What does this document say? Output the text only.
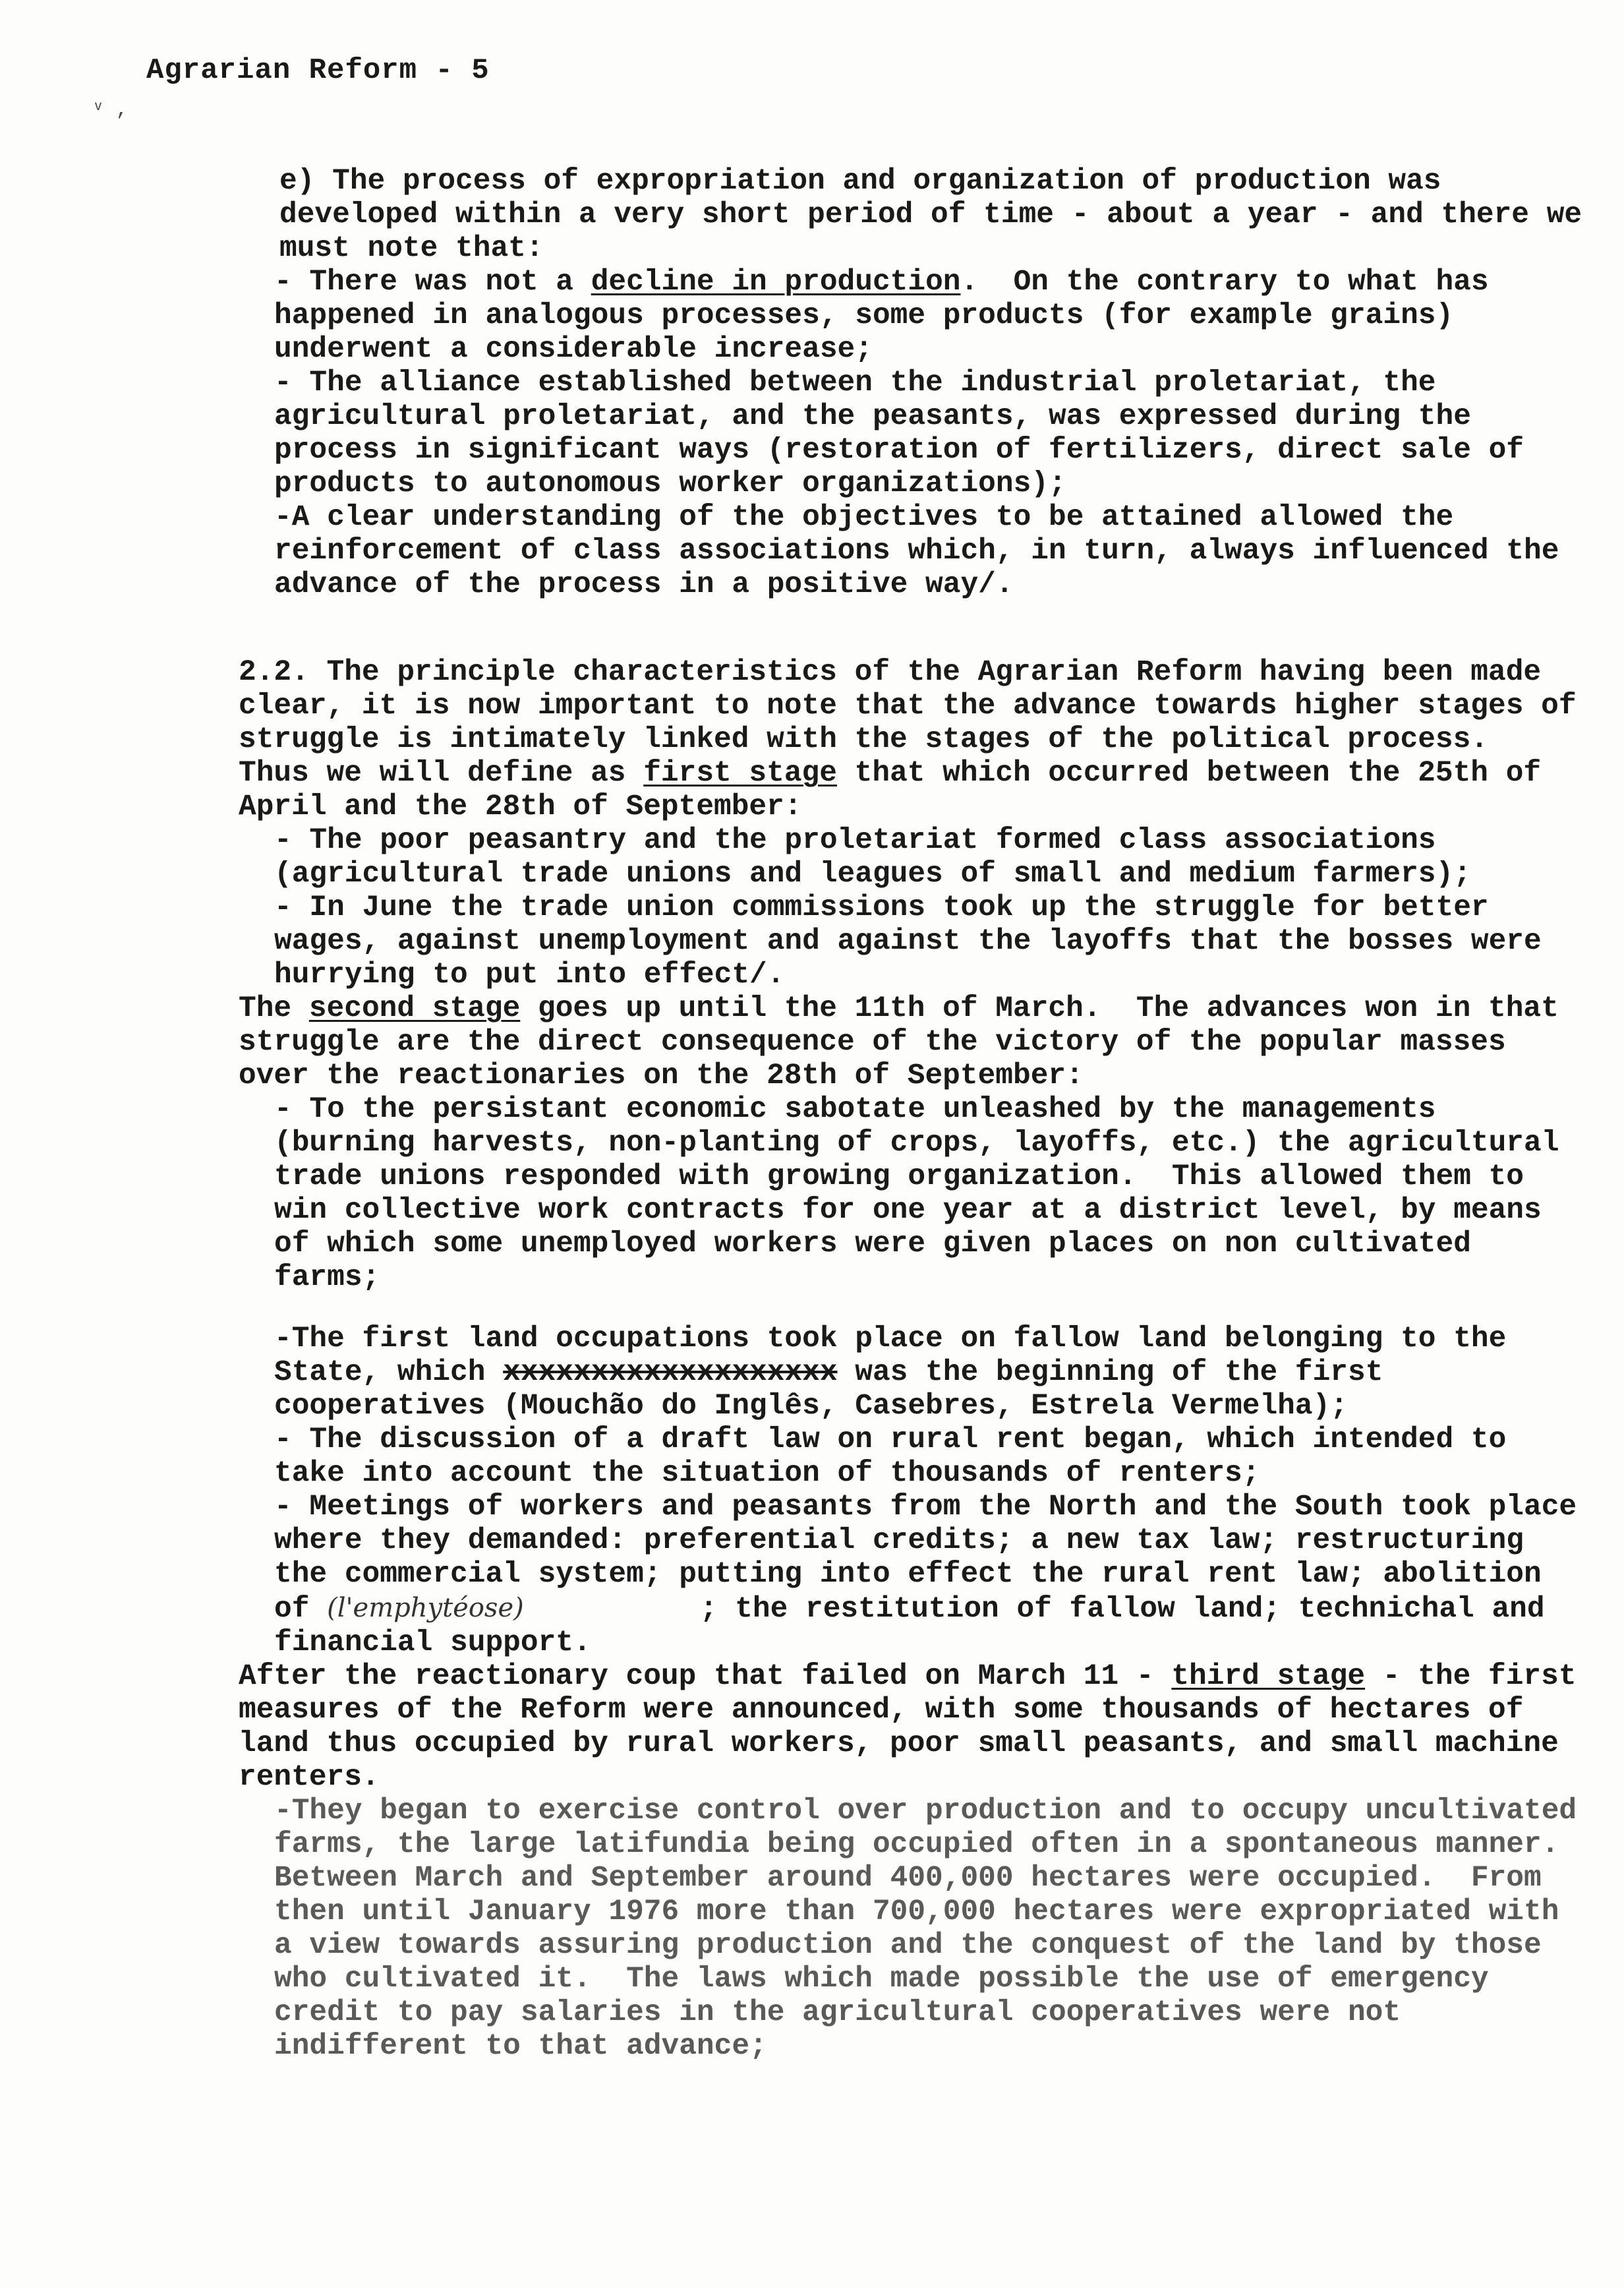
ᵛ ,
Agrarian Reform - 5

e) The process of expropriation and organization of production was developed within a very short period of time - about a year - and there we must note that:

- There was not a decline in production.  On the contrary to what has happened in analogous processes, some products (for example grains) underwent a considerable increase;

- The alliance established between the industrial proletariat, the agricultural proletariat, and the peasants, was expressed during the process in significant ways (restoration of fertilizers, direct sale of products to autonomous worker organizations);

-A clear understanding of the objectives to be attained allowed the reinforcement of class associations which, in turn, always influenced the advance of the process in a positive way/.

2.2. The principle characteristics of the Agrarian Reform having been made clear, it is now important to note that the advance towards higher stages of struggle is intimately linked with the stages of the political process.  Thus we will define as first stage that which occurred between the 25th of April and the 28th of September:

- The poor peasantry and the proletariat formed class associations (agricultural trade unions and leagues of small and medium farmers);

- In June the trade union commissions took up the struggle for better wages, against unemployment and against the layoffs that the bosses were hurrying to put into effect/.

The second stage goes up until the 11th of March.  The advances won in that struggle are the direct consequence of the victory of the popular masses over the reactionaries on the 28th of September:

- To the persistant economic sabotate unleashed by the managements (burning harvests, non-planting of crops, layoffs, etc.) the agricultural trade unions responded with growing organization.  This allowed them to win collective work contracts for one year at a district level, by means of which some unemployed workers were given places on non cultivated farms;

-The first land occupations took place on fallow land belonging to the State, which xxxxxxxxxxxxxxxxxxx was the beginning of the first cooperatives (Mouchão do Inglês, Casebres, Estrela Vermelha);

- The discussion of a draft law on rural rent began, which intended to take into account the situation of thousands of renters;

- Meetings of workers and peasants from the North and the South took place where they demanded: preferential credits; a new tax law; restructuring the commercial system; putting into effect the rural rent law; abolition of (l'emphytéose)          ; the restitution of fallow land; technichal and financial support.

After the reactionary coup that failed on March 11 - third stage - the first measures of the Reform were announced, with some thousands of hectares of land thus occupied by rural workers, poor small peasants, and small machine renters.

-They began to exercise control over production and to occupy uncultivated farms, the large latifundia being occupied often in a spontaneous manner.  Between March and September around 400,000 hectares were occupied.  From then until January 1976 more than 700,000 hectares were expropriated with a view towards assuring production and the conquest of the land by those who cultivated it.  The laws which made possible the use of emergency credit to pay salaries in the agricultural cooperatives were not indifferent to that advance;
